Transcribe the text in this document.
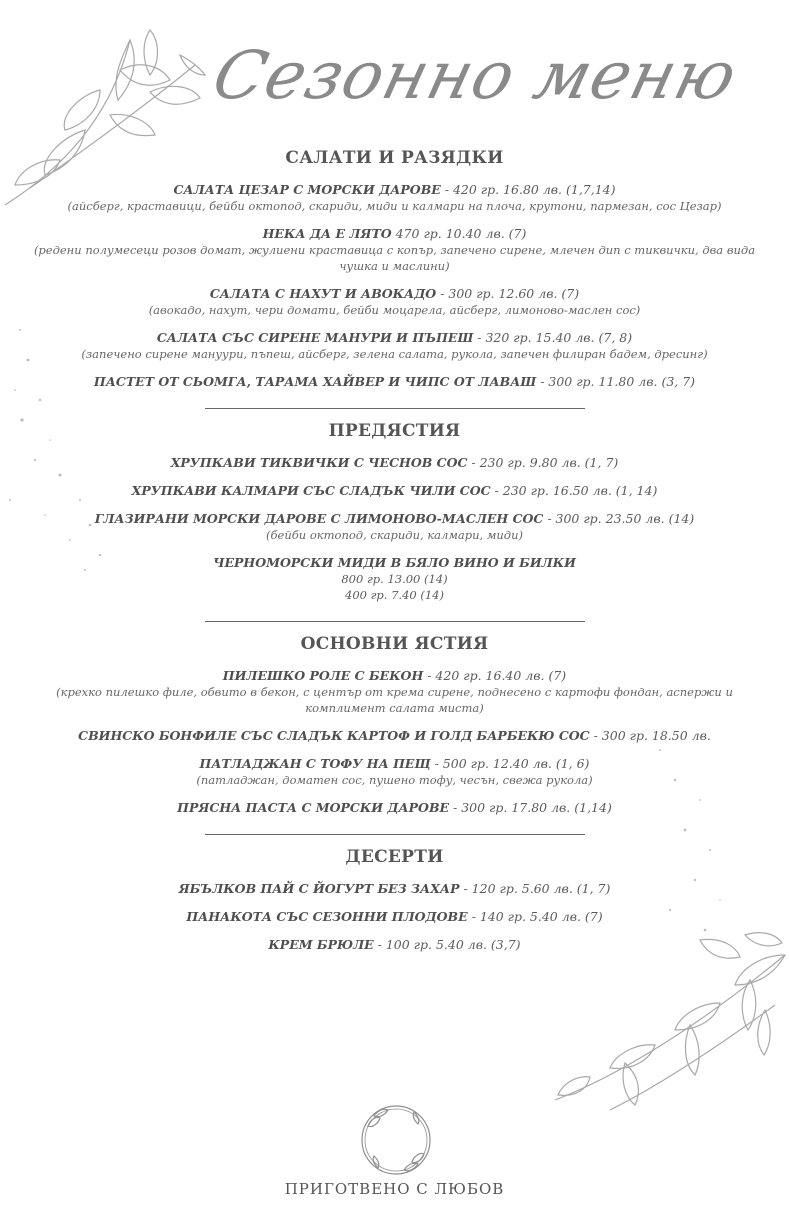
Сезонно меню
САЛАТИ И РАЗЯДКИ
САЛАТА ЦЕЗАР С МОРСКИ ДАРОВЕ - 420 гр. 16.80 лв. (1,7,14)
(айсберг, краставици, бейби октопод, скариди, миди и калмари на плоча, крутони, пармезан, сос Цезар)
НЕКА ДА Е ЛЯТО 470 гр. 10.40 лв. (7)
(редени полумесеци розов домат, жулиени краставица с копър, запечено сирене, млечен дип с тиквички, два вида чушка и маслини)
САЛАТА С НАХУТ И АВОКАДО - 300 гр. 12.60 лв. (7)
(авокадо, нахут, чери домати, бейби моцарела, айсберг, лимоново-маслен сос)
САЛАТА СЪС СИРЕНЕ МАНУРИ И ПЪПЕШ - 320 гр. 15.40 лв. (7, 8)
(запечено сирене мануури, пъпеш, айсберг, зелена салата, рукола, запечен филиран бадем, дресинг)
ПАСТЕТ ОТ СЬОМГА, ТАРАМА ХАЙВЕР И ЧИПС ОТ ЛАВАШ - 300 гр. 11.80 лв. (3, 7)
ПРЕДЯСТИЯ
ХРУПКАВИ ТИКВИЧКИ С ЧЕСНОВ СОС - 230 гр. 9.80 лв. (1, 7)
ХРУПКАВИ КАЛМАРИ СЪС СЛАДЪК ЧИЛИ СОС - 230 гр. 16.50 лв. (1, 14)
ГЛАЗИРАНИ МОРСКИ ДАРОВЕ С ЛИМОНОВО-МАСЛЕН СОС - 300 гр. 23.50 лв. (14)
(бейби октопод, скариди, калмари, миди)
ЧЕРНОМОРСКИ МИДИ В БЯЛО ВИНО И БИЛКИ
800 гр. 13.00 (14)
400 гр. 7.40 (14)
ОСНОВНИ ЯСТИЯ
ПИЛЕШКО РОЛЕ С БЕКОН - 420 гр. 16.40 лв. (7)
(крехко пилешко филе, обвито в бекон, с център от крема сирене, поднесено с картофи фондан, аспержи и комплимент салата миста)
СВИНСКО БОНФИЛЕ СЪС СЛАДЪК КАРТОФ И ГОЛД БАРБЕКЮ СОС - 300 гр. 18.50 лв.
ПАТЛАДЖАН С ТОФУ НА ПЕЩ - 500 гр. 12.40 лв. (1, 6)
(патладжан, доматен сос, пушено тофу, чесън, свежа рукола)
ПРЯСНА ПАСТА С МОРСКИ ДАРОВЕ - 300 гр. 17.80 лв. (1,14)
ДЕСЕРТИ
ЯБЪЛКОВ ПАЙ С ЙОГУРТ БЕЗ ЗАХАР - 120 гр. 5.60 лв. (1, 7)
ПАНАКОТА СЪС СЕЗОННИ ПЛОДОВЕ - 140 гр. 5.40 лв. (7)
КРЕМ БРЮЛЕ - 100 гр. 5.40 лв. (3,7)
ПРИГОТВЕНО С ЛЮБОВ
